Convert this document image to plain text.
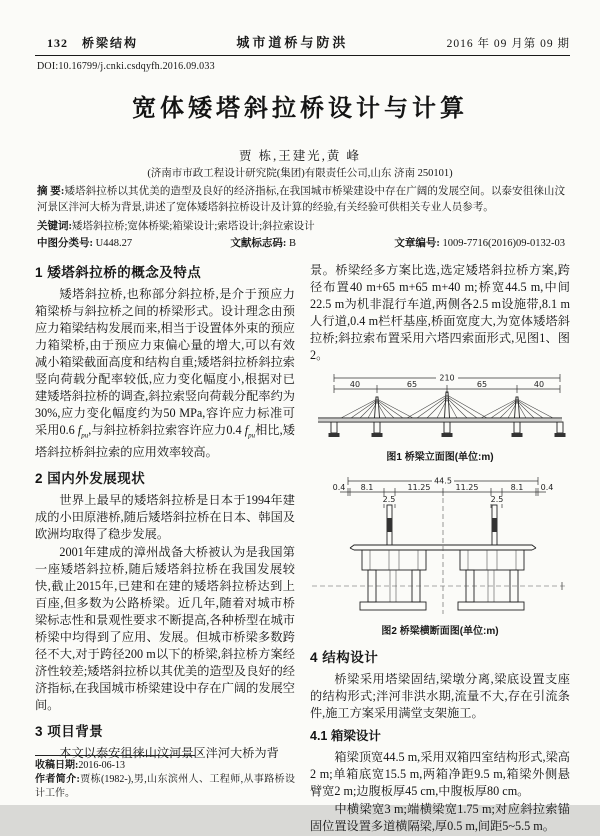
132 桥梁结构	城市道桥与防洪	2016 年 09 月第 09 期
DOI:10.16799/j.cnki.csdqyfh.2016.09.033
宽体矮塔斜拉桥设计与计算
贾 栋,王建光,黄 峰
(济南市市政工程设计研究院(集团)有限责任公司,山东 济南 250101)
摘 要:矮塔斜拉桥以其优美的造型及良好的经济指标,在我国城市桥梁建设中存在广阔的发展空间。以泰安徂徕山汶河景区泮河大桥为背景,讲述了宽体矮塔斜拉桥设计及计算的经验,有关经验可供相关专业人员参考。
关键词:矮塔斜拉桥;宽体桥梁;箱梁设计;索塔设计;斜拉索设计
中图分类号: U448.27	文献标志码: B	文章编号: 1009-7716(2016)09-0132-03
1 矮塔斜拉桥的概念及特点

矮塔斜拉桥,也称部分斜拉桥,是介于预应力箱梁桥与斜拉桥之间的桥梁形式。设计理念由预应力箱梁结构发展而来,相当于设置体外束的预应力箱梁桥,由于预应力束偏心量的增大,可以有效减小箱梁截面高度和结构自重;矮塔斜拉桥斜拉索竖向荷载分配率较低,应力变化幅度小,根据对已建矮塔斜拉桥的调查,斜拉索竖向荷载分配率约为30%,应力变化幅度约为50 MPa,容许应力标准可采用0.6 $f_{pu}$,与斜拉桥斜拉索容许应力0.4 $f_{pu}$相比,矮塔斜拉桥斜拉索的应用效率较高。

2 国内外发展现状

世界上最早的矮塔斜拉桥是日本于1994年建成的小田原港桥,随后矮塔斜拉桥在日本、韩国及欧洲均取得了稳步发展。

2001年建成的漳州战备大桥被认为是我国第一座矮塔斜拉桥,随后矮塔斜拉桥在我国发展较快,截止2015年,已建和在建的矮塔斜拉桥达到上百座,但多数为公路桥梁。近几年,随着对城市桥梁标志性和景观性要求不断提高,各种桥型在城市桥梁中均得到了应用、发展。但城市桥梁多数跨径不大,对于跨径200 m以下的桥梁,斜拉桥方案经济性较差;矮塔斜拉桥以其优美的造型及良好的经济指标,在我国城市桥梁建设中存在广阔的发展空间。

3 项目背景

本文以泰安徂徕山汶河景区泮河大桥为背

景。桥梁经多方案比选,选定矮塔斜拉桥方案,跨径布置40 m+65 m+65 m+40 m;桥宽44.5 m,中间22.5 m为机非混行车道,两侧各2.5 m设施带,8.1 m人行道,0.4 m栏杆基座,桥面宽度大,为宽体矮塔斜拉桥;斜拉索布置采用六塔四索面形式,见图1、图2。

210
40	65	65	40
图1 桥梁立面图(单位:m)
44.5
0.4 8.1	11.25	11.25	8.1 0.4
2.5	2.5
图2 桥梁横断面图(单位:m)
4 结构设计

桥梁采用塔梁固结,梁墩分离,梁底设置支座的结构形式;泮河非洪水期,流量不大,存在引流条件,施工方案采用满堂支架施工。

4.1 箱梁设计

箱梁顶宽44.5 m,采用双箱四室结构形式,梁高2 m;单箱底宽15.5 m,两箱净距9.5 m,箱梁外侧悬臂宽2 m;边腹板厚45 cm,中腹板厚80 cm。

中横梁宽3 m;端横梁宽1.75 m;对应斜拉索锚固位置设置多道横隔梁,厚0.5 m,间距5~5.5 m。

收稿日期:2016-06-13
作者简介:贾栋(1982-),男,山东滨州人、工程师,从事路桥设计工作。
